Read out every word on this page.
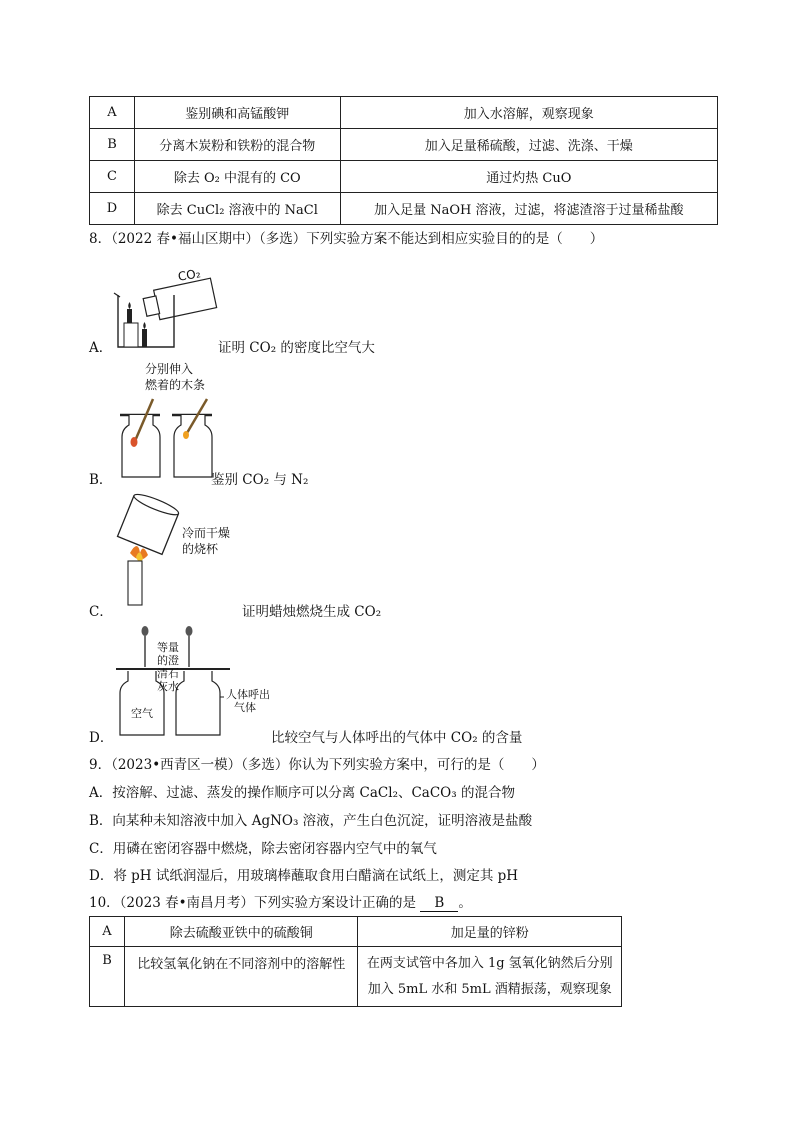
A	鉴别碘和高锰酸钾	加入水溶解，观察现象
B	分离木炭粉和铁粉的混合物	加入足量稀硫酸，过滤、洗涤、干燥
C	除去 O₂ 中混有的 CO	通过灼热 CuO
D	除去 CuCl₂ 溶液中的 NaCl	加入足量 NaOH 溶液，过滤，将滤渣溶于过量稀盐酸
8．（2022 春•福山区期中）（多选）下列实验方案不能达到相应实验目的的是（　　）
CO₂
A．	证明 CO₂ 的密度比空气大
分别伸入
燃着的木条
B．	鉴别 CO₂ 与 N₂
冷而干燥
的烧杯
C．	证明蜡烛燃烧生成 CO₂
等量
的澄
清石
灰水
空气
人体呼出
气体
D．	比较空气与人体呼出的气体中 CO₂ 的含量
9．（2023•西青区一模）（多选）你认为下列实验方案中，可行的是（　　）
A．按溶解、过滤、蒸发的操作顺序可以分离 CaCl₂、CaCO₃ 的混合物
B．向某种未知溶液中加入 AgNO₃ 溶液，产生白色沉淀，证明溶液是盐酸
C．用磷在密闭容器中燃烧，除去密闭容器内空气中的氧气
D．将 pH 试纸润湿后，用玻璃棒蘸取食用白醋滴在试纸上，测定其 pH
10．（2023 春•南昌月考）下列实验方案设计正确的是 B 。
A	除去硫酸亚铁中的硫酸铜	加足量的锌粉
B	比较氢氧化钠在不同溶剂中的溶解性	在两支试管中各加入 1g 氢氧化钠然后分别
加入 5mL 水和 5mL 酒精振荡，观察现象
